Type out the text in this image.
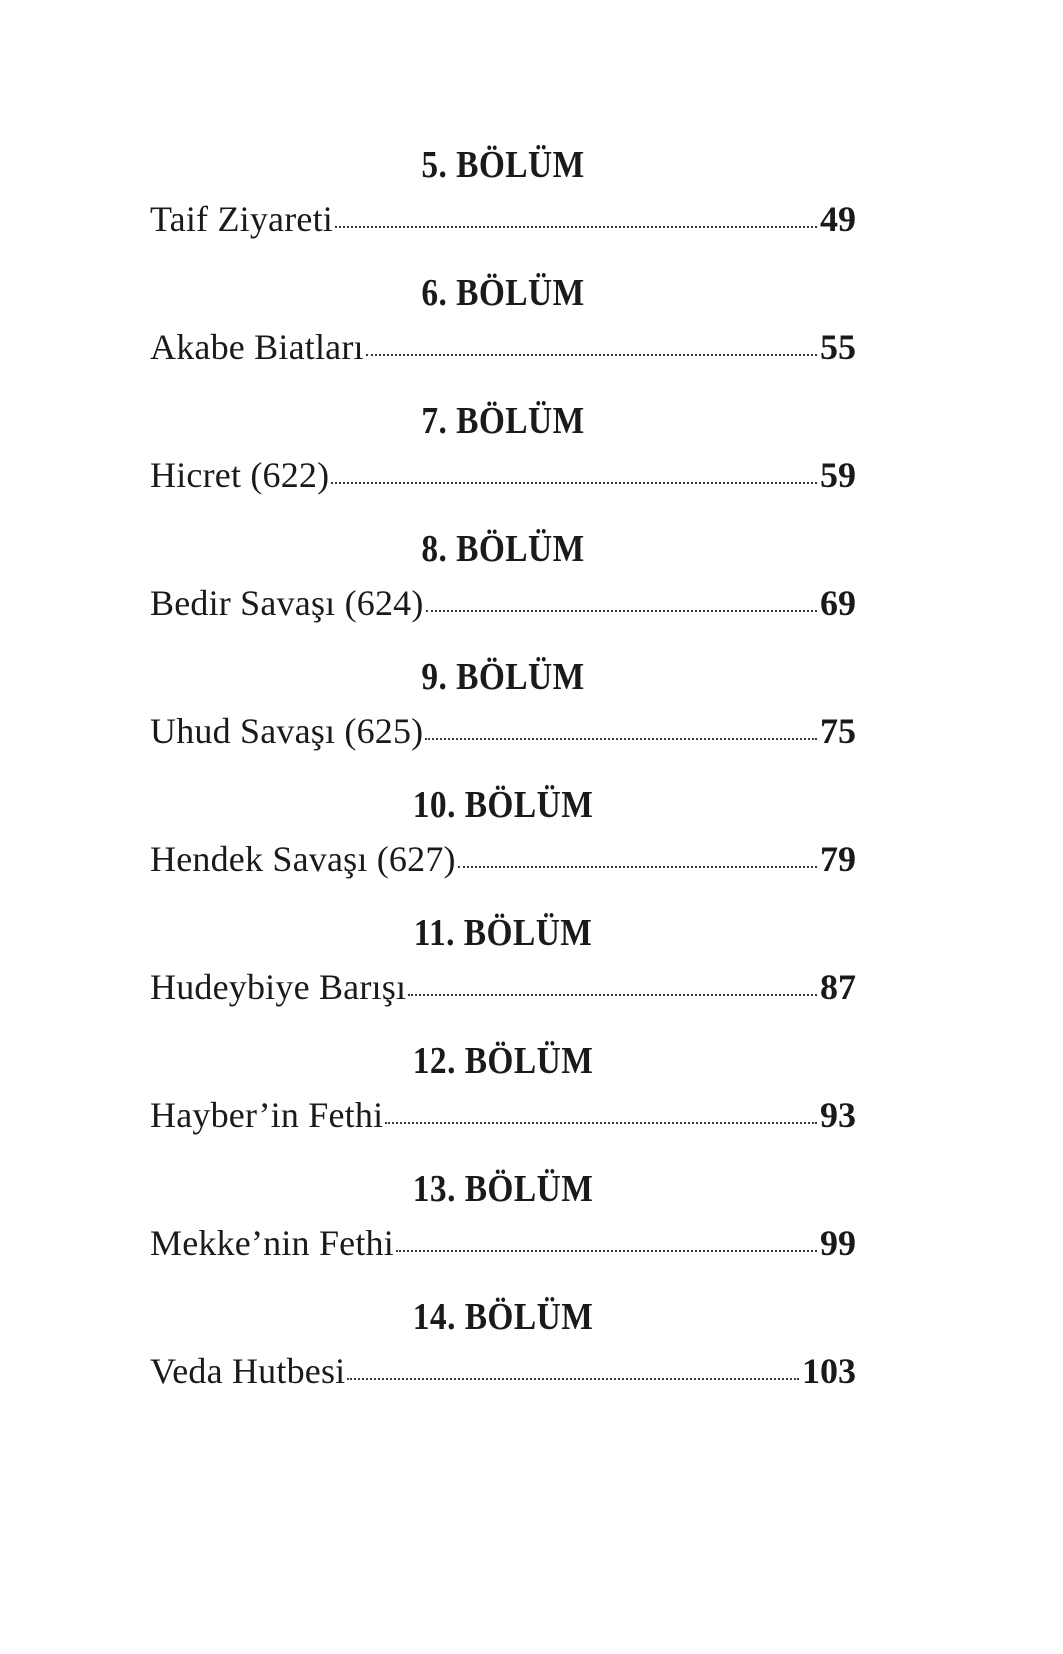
5. BÖLÜM
Taif Ziyareti	49
6. BÖLÜM
Akabe Biatları	55
7. BÖLÜM
Hicret (622)	59
8. BÖLÜM
Bedir Savaşı (624)	69
9. BÖLÜM
Uhud Savaşı (625)	75
10. BÖLÜM
Hendek Savaşı (627)	79
11. BÖLÜM
Hudeybiye Barışı	87
12. BÖLÜM
Hayber’in Fethi	93
13. BÖLÜM
Mekke’nin Fethi	99
14. BÖLÜM
Veda Hutbesi	103
